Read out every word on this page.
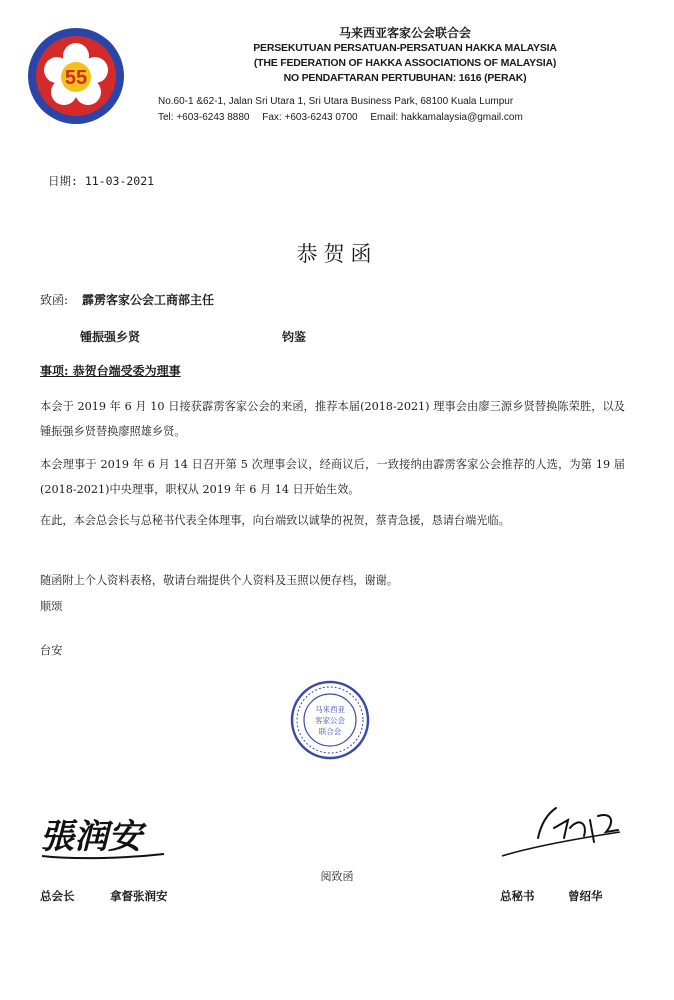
55
马来西亚客家公会联合会
PERSEKUTUAN PERSATUAN-PERSATUAN HAKKA MALAYSIA
(THE FEDERATION OF HAKKA ASSOCIATIONS OF MALAYSIA)
NO PENDAFTARAN PERTUBUHAN: 1616 (PERAK)
No.60-1 &62-1, Jalan Sri Utara 1, Sri Utara Business Park, 68100 Kuala Lumpur
Tel: +603-6243 8880 Fax: +603-6243 0700 Email: hakkamalaysia@gmail.com
日期: 11-03-2021
恭贺函
致函: 霹雳客家公会工商部主任
锺振强乡贤	钧鉴
事项: 恭贺台端受委为理事
本会于 2019 年 6 月 10 日接获霹雳客家公会的来函，推荐本届(2018-2021) 理事会由廖三源乡贤替换陈荣胜，以及锺振强乡贤替换廖照雄乡贤。
本会理事于 2019 年 6 月 14 日召开第 5 次理事会议，经商议后，一致接纳由霹雳客家公会推荐的人选，为第 19 届(2018-2021)中央理事，职权从 2019 年 6 月 14 日开始生效。
在此，本会总会长与总秘书代表全体理事，向台端致以诚挚的祝贺，蔡青急援，恳请台端光临。
随函附上个人资料表格，敬请台端提供个人资料及玉照以便存档，谢谢。
顺颂
台安
马来西亚
客家公会
联合会
張润安
阅致函
总会长	拿督张润安	总秘书	曾绍华
